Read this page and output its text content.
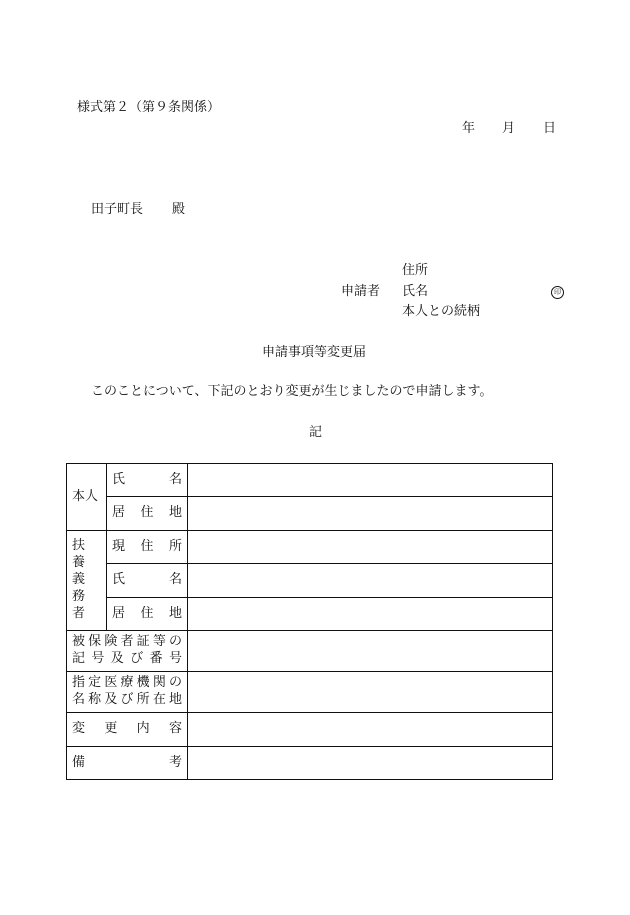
様式第２（第９条関係）
年 月 日
田子町長 殿
住所
申請者 氏名	印
本人との続柄
申請事項等変更届
このことについて、下記のとおり変更が生じましたので申請します。
記
本人	氏　　名	
	居 住 地	

扶 養
義 務
者	現 住 所	
	氏　　名	
	居 住 地	

被保険者証等の
記号及び番号		

指定医療機関の
名称及び所在地		

変更内容		
備　　　　考		
